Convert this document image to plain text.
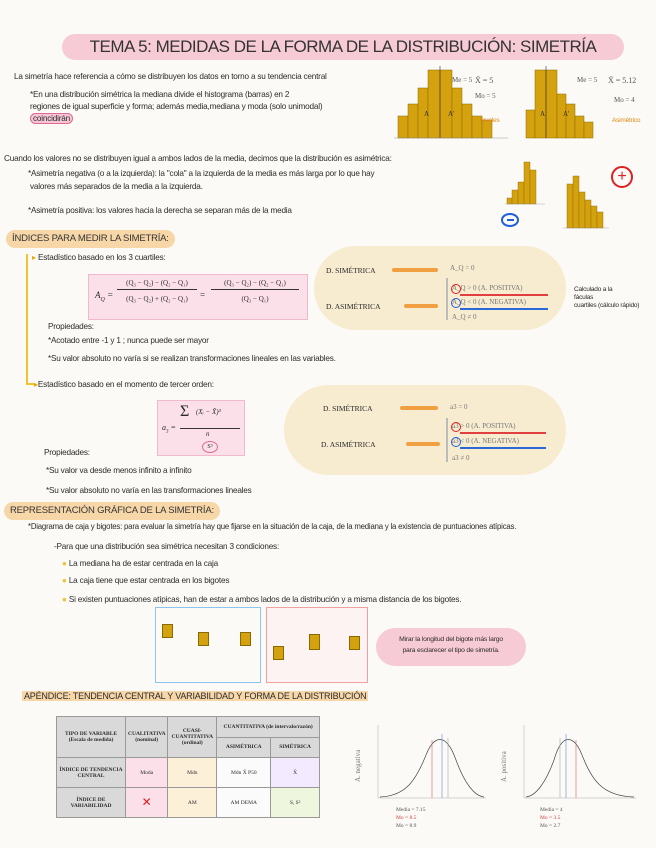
TEMA 5: MEDIDAS DE LA FORMA DE LA DISTRIBUCIÓN: SIMETRÍA
La simetría hace referencia a cómo se distribuyen los datos en torno a su tendencia central
*En una distribución simétrica la mediana divide el histograma (barras) en 2
regiones de igual superficie y forma; además media,mediana y moda (solo unimodal)
coincidirán
Cuando los valores no se distribuyen igual a ambos lados de la media, decimos que la distribución es asimétrica:
*Asimetría negativa (o a la izquierda): la "cola" a la izquierda de la media es más larga por lo que hay
valores más separados de la media a la izquierda.
*Asimetría positiva: los valores hacia la derecha se separan más de la media
A	A'
Me = 5 X̄ = 5
Mo = 5
Iguales
A	A'
Me = 5 X̄ = 5.12
Mo = 4
Asimétrico
+
ÍNDICES PARA MEDIR LA SIMETRÍA:
▸ Estadístico basado en los 3 cuartiles:
$A_Q$ =
(Q₃ − Q₂) − (Q₂ − Q₁)
(Q₃ − Q₂) + (Q₂ − Q₁)	=
(Q₃ − Q₂) − (Q₂ − Q₁)
(Q₃ − Q₁)
Propiedades:
*Acotado entre -1 y 1 ; nunca puede ser mayor
*Su valor absoluto no varía si se realizan transformaciones lineales en las variables.
D. SIMÉTRICA
D. ASIMÉTRICA
A_Q = 0
A_Q > 0 (A. POSITIVA)
A_Q < 0 (A. NEGATIVA)
A_Q ≠ 0
Calculado a la
fáculas
cuartiles (cálculo rápido)
▸Estadístico basado en el momento de tercer orden:
$a_3$ =
Σ (Xᵢ − X̄)³
n
S³
Propiedades:
*Su valor va desde menos infinito a infinito
*Su valor absoluto no varía en las transformaciones lineales
D. SIMÉTRICA
D. ASIMÉTRICA
a3 = 0
a3 > 0 (A. POSITIVA)
a3 < 0 (A. NEGATIVA)
a3 ≠ 0
REPRESENTACIÓN GRÁFICA DE LA SIMETRÍA:
*Diagrama de caja y bigotes: para evaluar la simetría hay que fijarse en la situación de la caja, de la mediana y la existencia de puntuaciones atípicas.
-Para que una distribución sea simétrica necesitan 3 condiciones:
● La mediana ha de estar centrada en la caja
● La caja tiene que estar centrada en los bigotes
● Si existen puntuaciones atípicas, han de estar a ambos lados de la distribución y a misma distancia de los bigotes.
Mirar la longitud del bigote más largo
para esclarecer el tipo de simetría.
APÉNDICE: TENDENCIA CENTRAL Y VARIABILIDAD Y FORMA DE LA DISTRIBUCIÓN
TIPO DE VARIABLE (Escala de medida)	CUALITATIVA (nominal)	CUASI-CUANTITATIVA (ordinal)	CUANTITATIVA (de intervalo/razón)	
			ASIMÉTRICA	SIMÉTRICA
ÍNDICE DE TENDENCIA CENTRAL	Moda	Mdn	Mdn X̄ P50	X̄
ÍNDICE DE VARIABILIDAD	✕	AM	AM DEMA	S, S²
A. negativa	A. positiva
Media = 7.15
Mo = 8.5
Mo = 8.9
Media = 4
Mo = 3.5
Mo = 2.7
